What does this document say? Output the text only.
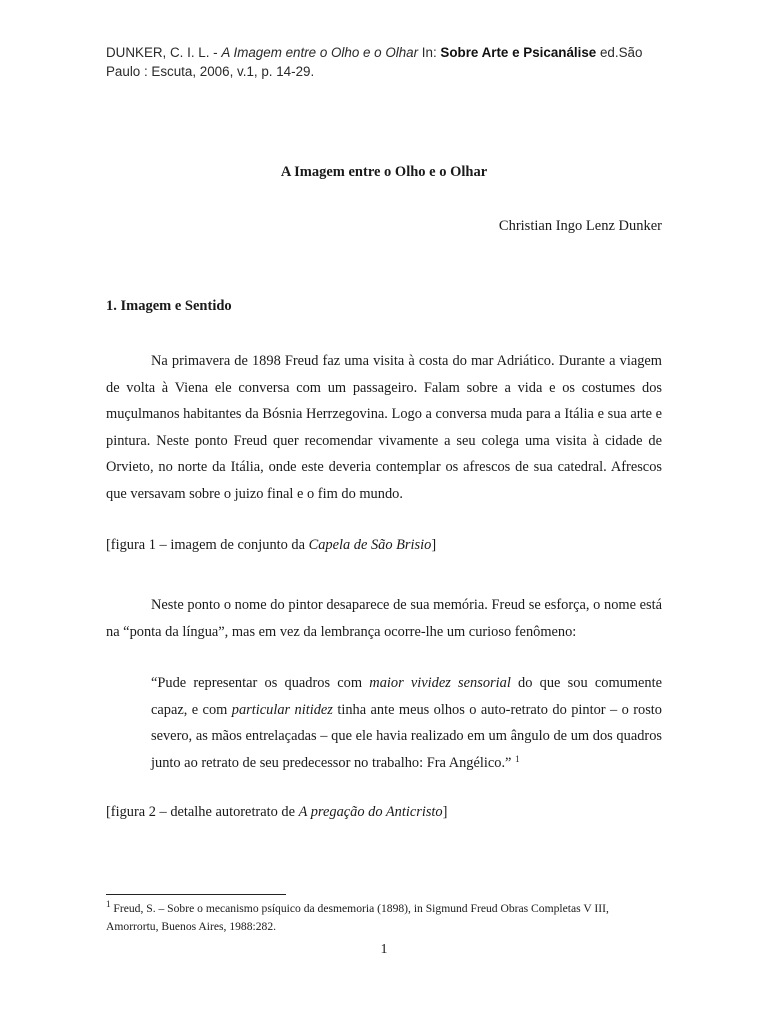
DUNKER, C. I. L. - A Imagem entre o Olho e o Olhar In: Sobre Arte e Psicanálise ed.São Paulo : Escuta, 2006, v.1, p. 14-29.
A Imagem entre o Olho e o Olhar
Christian Ingo Lenz Dunker
1. Imagem e Sentido

Na primavera de 1898 Freud faz uma visita à costa do mar Adriático. Durante a viagem de volta à Viena ele conversa com um passageiro. Falam sobre a vida e os costumes dos muçulmanos habitantes da Bósnia Herrzegovina. Logo a conversa muda para a Itália e sua arte e pintura. Neste ponto Freud quer recomendar vivamente a seu colega uma visita à cidade de Orvieto, no norte da Itália, onde este deveria contemplar os afrescos de sua catedral. Afrescos que versavam sobre o juizo final e o fim do mundo.

[figura 1 – imagem de conjunto da Capela de São Brisio]

Neste ponto o nome do pintor desaparece de sua memória. Freud se esforça, o nome está na “ponta da língua”, mas em vez da lembrança ocorre-lhe um curioso fenômeno:

“Pude representar os quadros com maior vividez sensorial do que sou comumente capaz, e com particular nitidez tinha ante meus olhos o auto-retrato do pintor – o rosto severo, as mãos entrelaçadas – que ele havia realizado em um ângulo de um dos quadros junto ao retrato de seu predecessor no trabalho: Fra Angélico.” $^1$

[figura 2 – detalhe autoretrato de A pregação do Anticristo]
$^1$ Freud, S. – Sobre o mecanismo psíquico da desmemoria (1898), in Sigmund Freud Obras Completas V III, Amorrortu, Buenos Aires, 1988:282.
1
